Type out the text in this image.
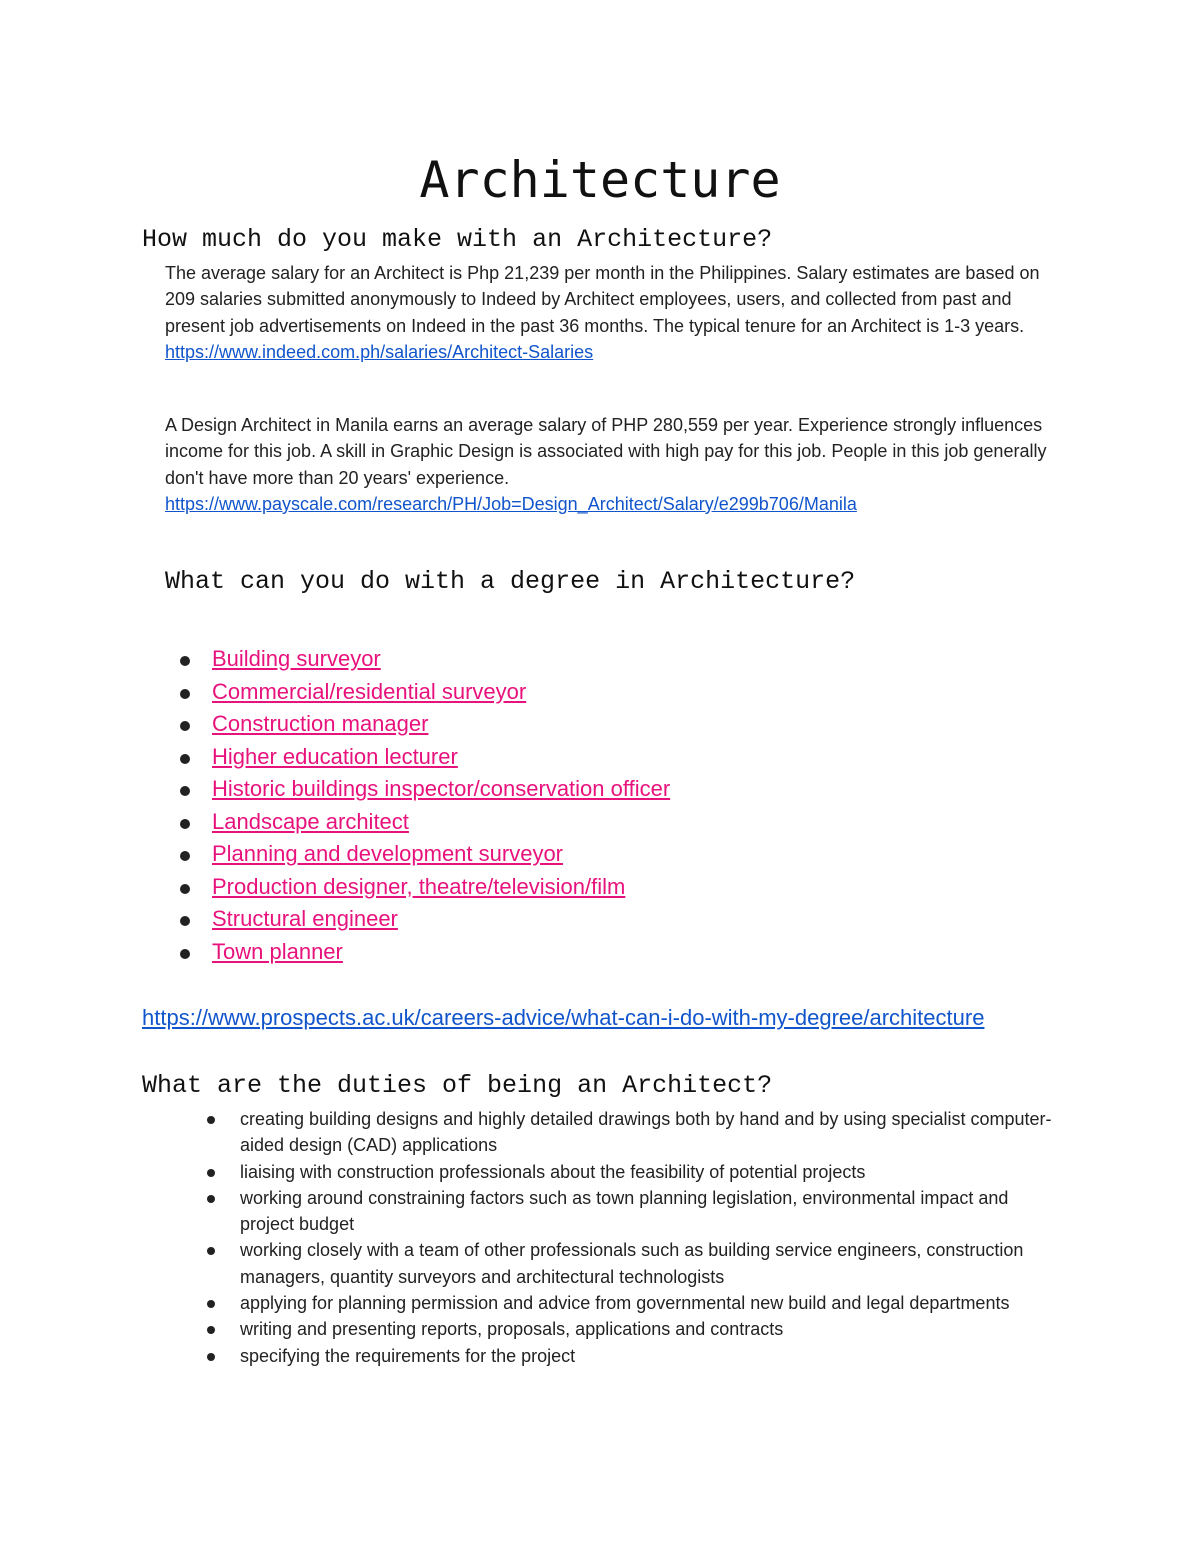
Architecture
How much do you make with an Architecture?

The average salary for an Architect is Php 21,239 per month in the Philippines. Salary estimates are based on 209 salaries submitted anonymously to Indeed by Architect employees, users, and collected from past and present job advertisements on Indeed in the past 36 months. The typical tenure for an Architect is 1-3 years. https://www.indeed.com.ph/salaries/Architect-Salaries

A Design Architect in Manila earns an average salary of PHP 280,559 per year. Experience strongly influences income for this job. A skill in Graphic Design is associated with high pay for this job. People in this job generally don't have more than 20 years' experience.
https://www.payscale.com/research/PH/Job=Design_Architect/Salary/e299b706/Manila

What can you do with a degree in Architecture?
Building surveyor
Commercial/residential surveyor
Construction manager
Higher education lecturer
Historic buildings inspector/conservation officer
Landscape architect
Planning and development surveyor
Production designer, theatre/television/film
Structural engineer
Town planner

https://www.prospects.ac.uk/careers-advice/what-can-i-do-with-my-degree/architecture

What are the duties of being an Architect?
creating building designs and highly detailed drawings both by hand and by using specialist computer-aided design (CAD) applications
liaising with construction professionals about the feasibility of potential projects
working around constraining factors such as town planning legislation, environmental impact and project budget
working closely with a team of other professionals such as building service engineers, construction managers, quantity surveyors and architectural technologists
applying for planning permission and advice from governmental new build and legal departments
writing and presenting reports, proposals, applications and contracts
specifying the requirements for the project
